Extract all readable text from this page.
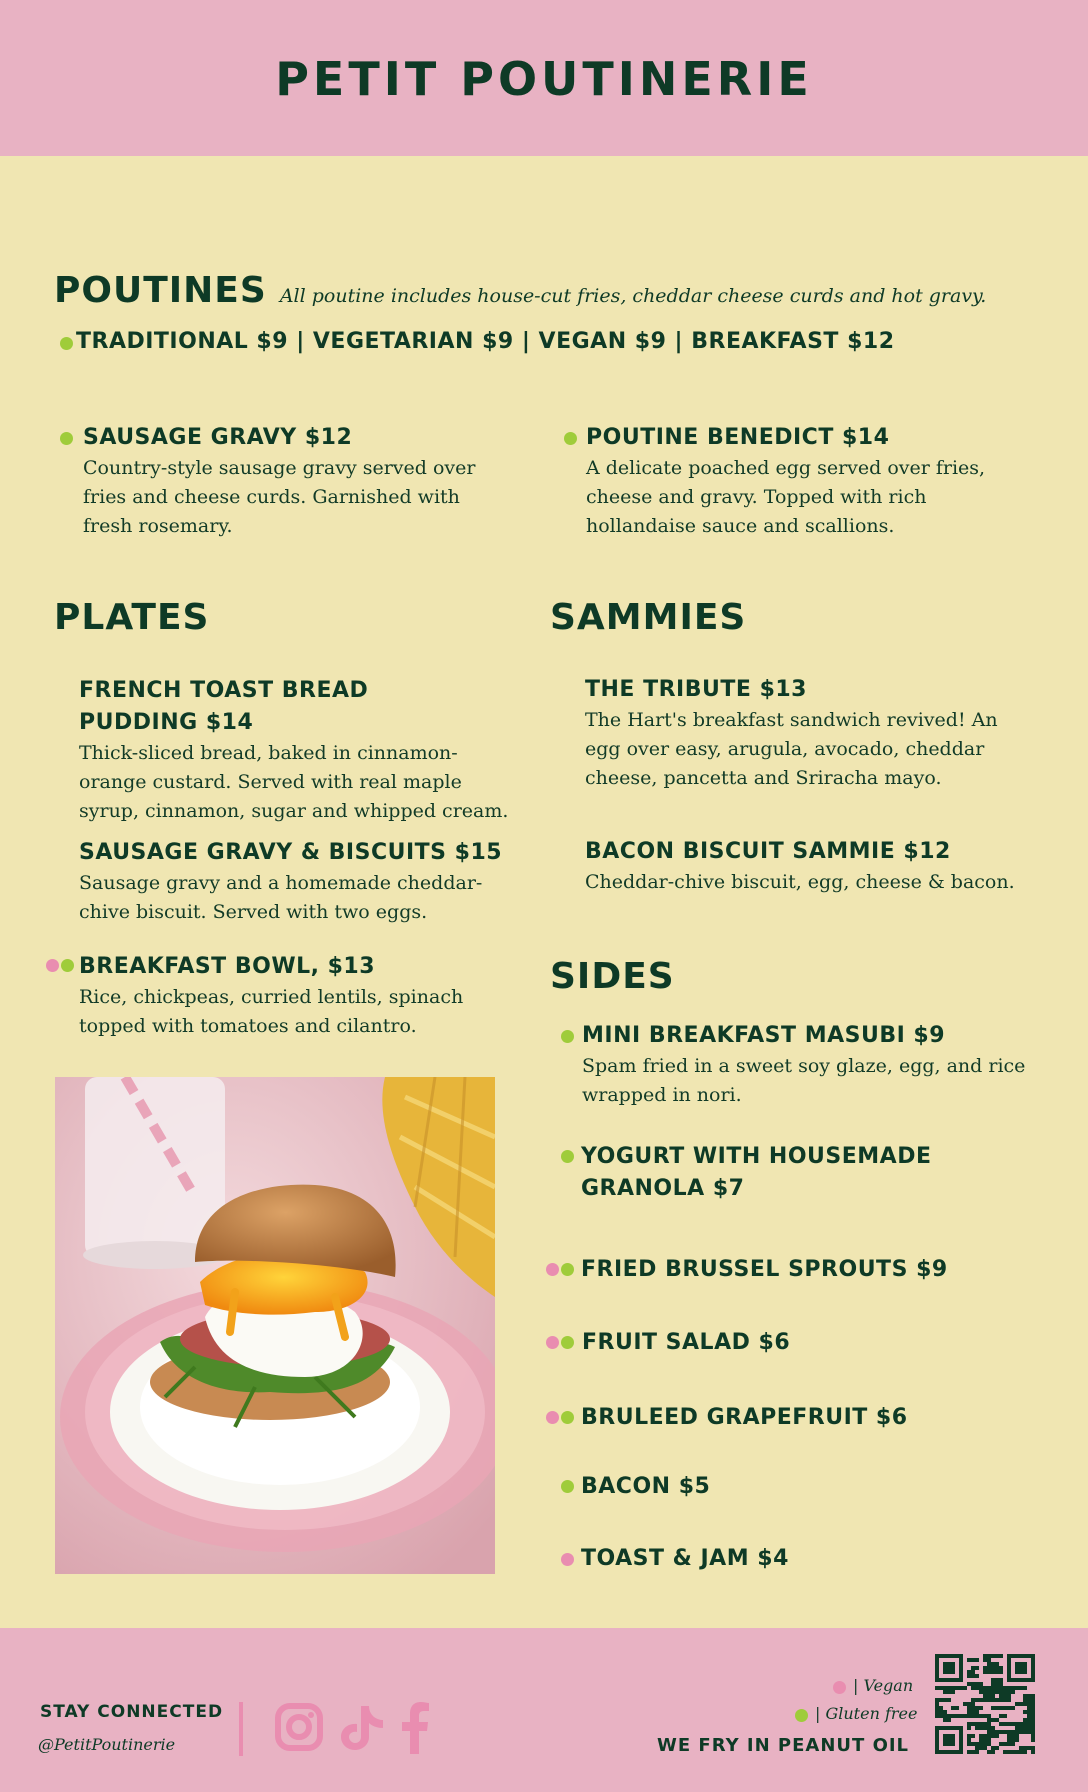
PETIT POUTINERIE
POUTINES All poutine includes house-cut fries, cheddar cheese curds and hot gravy.
TRADITIONAL $9 | VEGETARIAN $9 | VEGAN $9 | BREAKFAST $12
SAUSAGE GRAVY $12
Country-style sausage gravy served over fries and cheese curds. Garnished with fresh rosemary.
POUTINE BENEDICT $14
A delicate poached egg served over fries, cheese and gravy. Topped with rich hollandaise sauce and scallions.
PLATES
FRENCH TOAST BREAD PUDDING $14
Thick-sliced bread, baked in cinnamon-orange custard. Served with real maple syrup, cinnamon, sugar and whipped cream.
SAUSAGE GRAVY & BISCUITS $15
Sausage gravy and a homemade cheddar-chive biscuit. Served with two eggs.
BREAKFAST BOWL, $13
Rice, chickpeas, curried lentils, spinach topped with tomatoes and cilantro.
SAMMIES
THE TRIBUTE $13
The Hart's breakfast sandwich revived! An egg over easy, arugula, avocado, cheddar cheese, pancetta and Sriracha mayo.
BACON BISCUIT SAMMIE $12
Cheddar-chive biscuit, egg, cheese & bacon.
SIDES
MINI BREAKFAST MASUBI $9
Spam fried in a sweet soy glaze, egg, and rice wrapped in nori.
YOGURT WITH HOUSEMADE GRANOLA $7
FRIED BRUSSEL SPROUTS $9
FRUIT SALAD $6
BRULEED GRAPEFRUIT $6
BACON $5
TOAST & JAM $4
STAY CONNECTED
@PetitPoutinerie
| Vegan
| Gluten free
WE FRY IN PEANUT OIL
